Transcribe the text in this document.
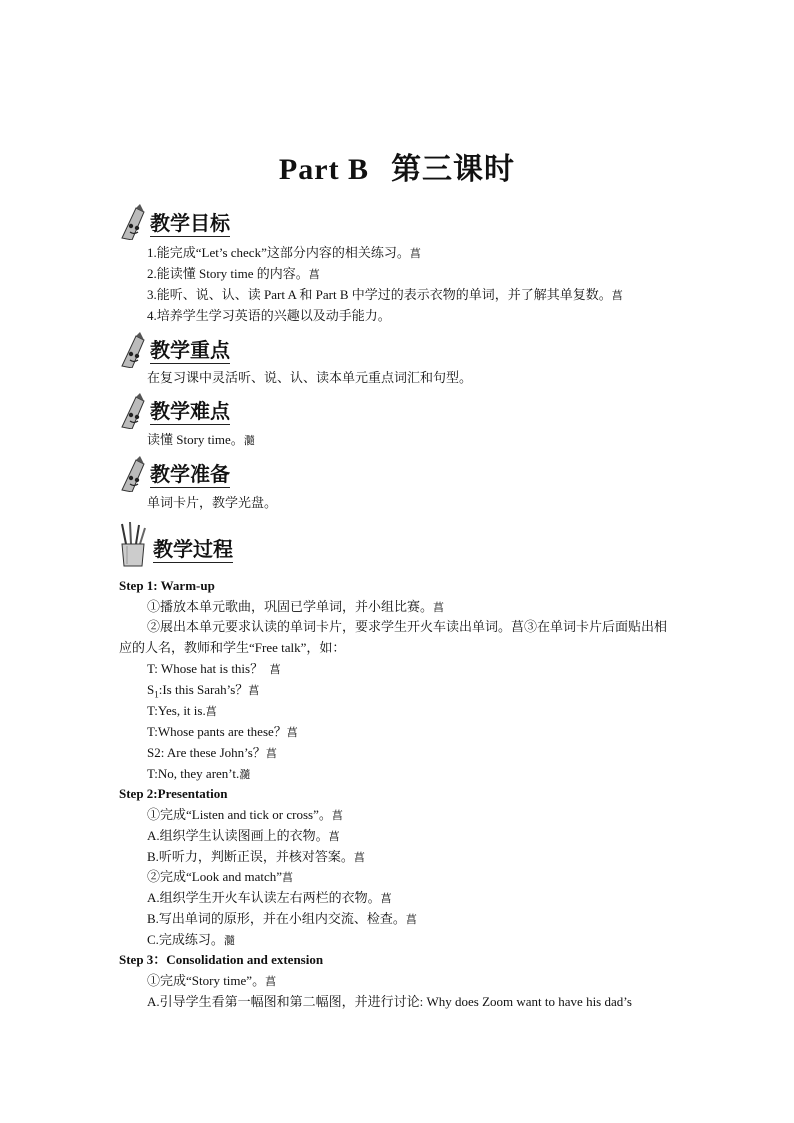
Part B 第三课时
教学目标
1.能完成“Let’s check”这部分内容的相关练习。菖
2.能读懂 Story time 的内容。菖
3.能听、说、认、读 Part A 和 Part B 中学过的表示衣物的单词，并了解其单复数。菖
4.培养学生学习英语的兴趣以及动手能力。
教学重点
在复习课中灵活听、说、认、读本单元重点词汇和句型。
教学难点
读懂 Story time。瀡
教学准备
单词卡片，教学光盘。
教学过程
Step 1: Warm-up
①播放本单元歌曲，巩固已学单词，并小组比赛。菖
②展出本单元要求认读的单词卡片，要求学生开火车读出单词。菖③在单词卡片后面贴出相应的人名，教师和学生“Free talk”，如：
T: Whose hat is this？ 菖
$S_1:Is$ this Sarah’s？菖
T:Yes, it is.菖
T:Whose pants are these？菖
S2: Are these John’s？菖
T:No, they aren’t.瀡
Step 2:Presentation
①完成“Listen and tick or cross”。菖
A.组织学生认读图画上的衣物。菖
B.听听力，判断正误，并核对答案。菖
②完成“Look and match”菖
A.组织学生开火车认读左右两栏的衣物。菖
B.写出单词的原形，并在小组内交流、检查。菖
C.完成练习。瀡
Step 3：Consolidation and extension
①完成“Story time”。菖
A.引导学生看第一幅图和第二幅图，并进行讨论: Why does Zoom want to have his dad’s
